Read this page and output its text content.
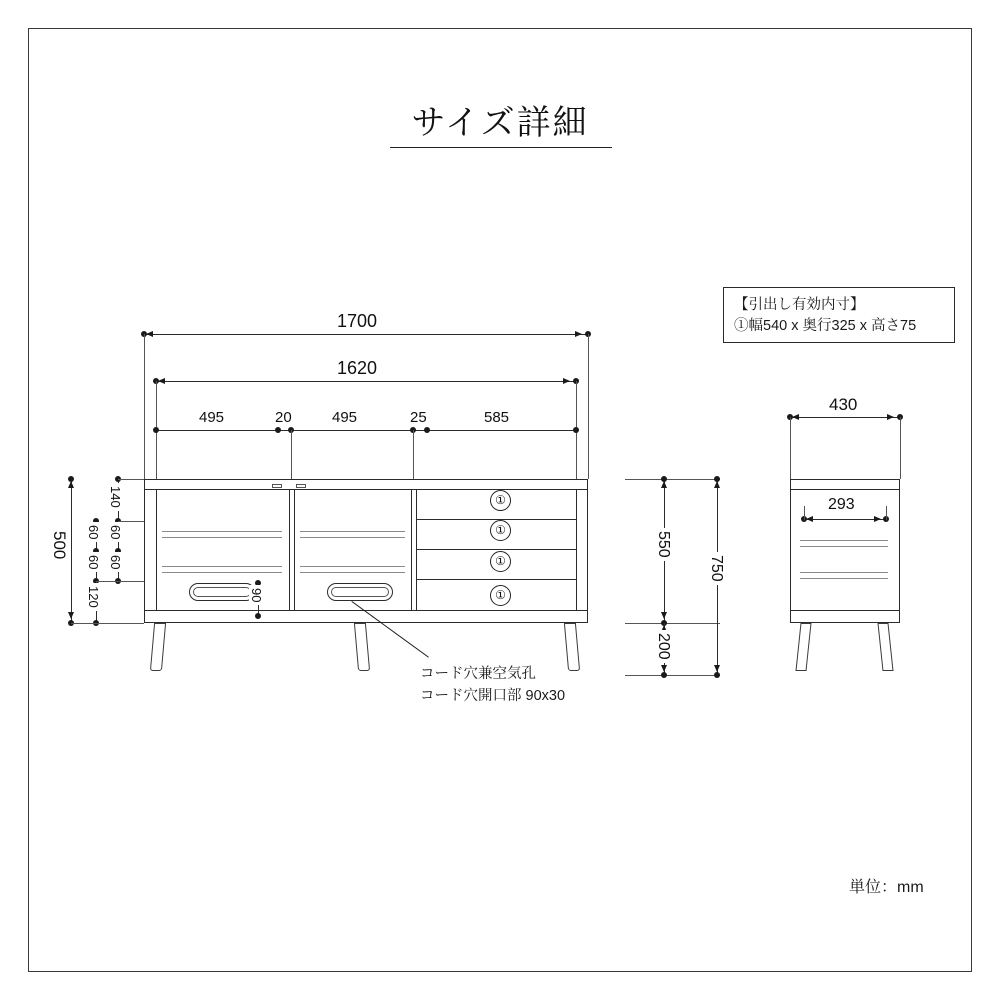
サイズ詳細
【引出し有効内寸】
①幅540 x 奥行325 x 高さ75
1700
1620
495	20	495	25	585
①
①
①
①
500
140
60
60
60
60
120	90
コード穴兼空気孔
コード穴開口部 90x30
550
200
750
430
293
単位：mm
